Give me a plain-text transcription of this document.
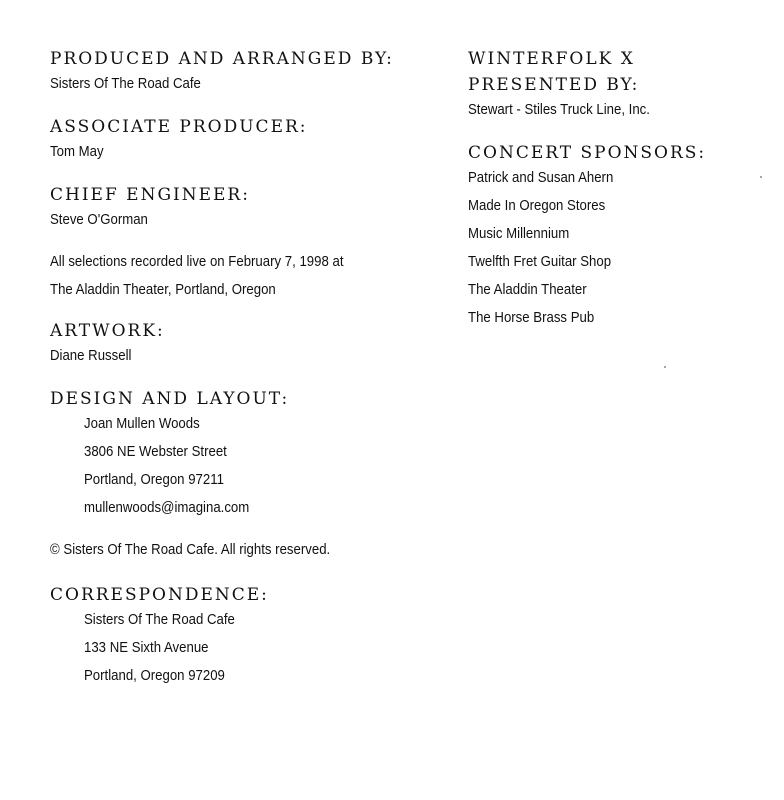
PRODUCED AND ARRANGED BY:

Sisters Of The Road Cafe

ASSOCIATE PRODUCER:

Tom May

CHIEF ENGINEER:

Steve O'Gorman

All selections recorded live on February 7, 1998 at

The Aladdin Theater, Portland, Oregon

ARTWORK:

Diane Russell

DESIGN AND LAYOUT:

Joan Mullen Woods

3806 NE Webster Street

Portland, Oregon 97211

mullenwoods@imagina.com

© Sisters Of The Road Cafe. All rights reserved.

CORRESPONDENCE:

Sisters Of The Road Cafe

133 NE Sixth Avenue

Portland, Oregon 97209

WINTERFOLK X
PRESENTED BY:

Stewart - Stiles Truck Line, Inc.

CONCERT SPONSORS:

Patrick and Susan Ahern

Made In Oregon Stores

Music Millennium

Twelfth Fret Guitar Shop

The Aladdin Theater

The Horse Brass Pub
